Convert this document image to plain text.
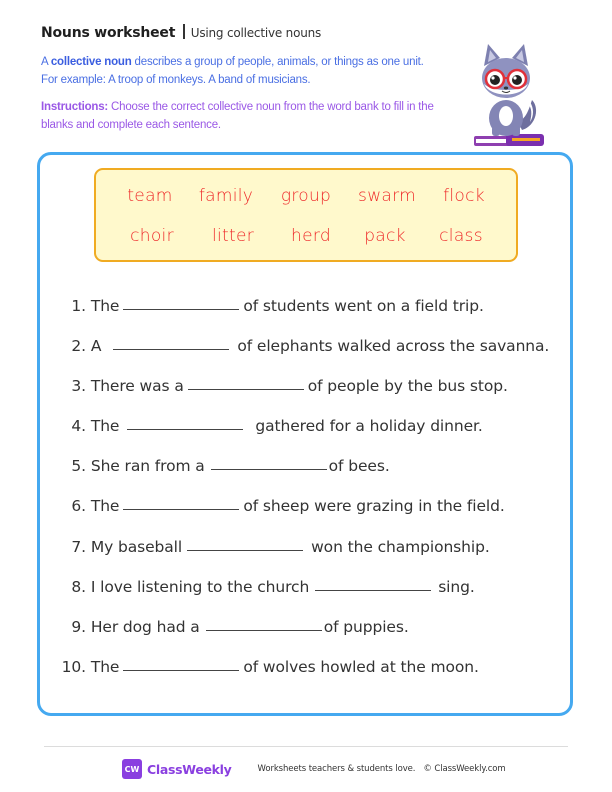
Nouns worksheet Using collective nouns
A collective noun describes a group of people, animals, or things as one unit. For example: A troop of monkeys. A band of musicians.
Instructions: Choose the correct collective noun from the word bank to fill in the blanks and complete each sentence.
team family group swarm flock
choir litter herd pack class
1. The	of students went on a field trip.
2. A	of elephants walked across the savanna.
3. There was a	of people by the bus stop.
4. The	gathered for a holiday dinner.
5. She ran from a	of bees.
6. The	of sheep were grazing in the field.
7. My baseball	won the championship.
8. I love listening to the church	sing.
9. Her dog had a	of puppies.
10. The	of wolves howled at the moon.
CW ClassWeekly	Worksheets teachers & students love. © ClassWeekly.com
